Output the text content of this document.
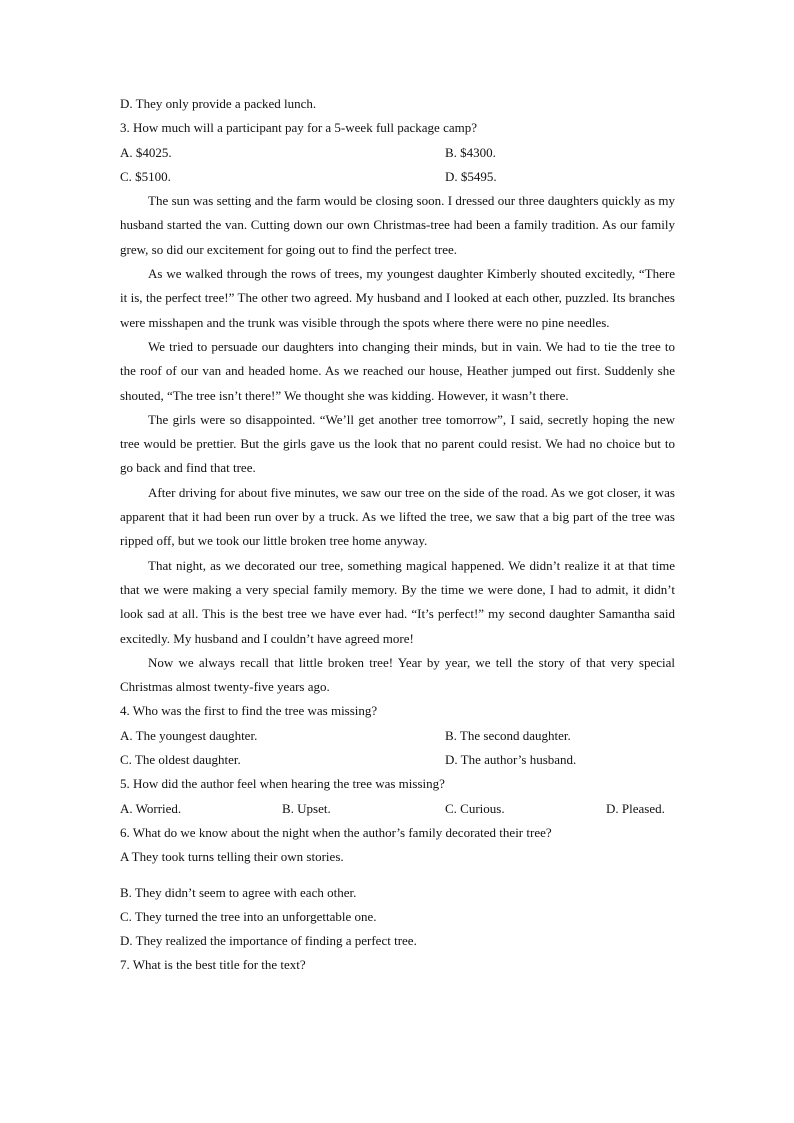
D. They only provide a packed lunch.
3. How much will a participant pay for a 5-week full package camp?
A. $4025.	B. $4300.
C. $5100.	D. $5495.

The sun was setting and the farm would be closing soon. I dressed our three daughters quickly as my husband started the van. Cutting down our own Christmas-tree had been a family tradition. As our family grew, so did our excitement for going out to find the perfect tree.

As we walked through the rows of trees, my youngest daughter Kimberly shouted excitedly, “There it is, the perfect tree!” The other two agreed. My husband and I looked at each other, puzzled. Its branches were misshapen and the trunk was visible through the spots where there were no pine needles.

We tried to persuade our daughters into changing their minds, but in vain. We had to tie the tree to the roof of our van and headed home. As we reached our house, Heather jumped out first. Suddenly she shouted, “The tree isn’t there!” We thought she was kidding. However, it wasn’t there.

The girls were so disappointed. “We’ll get another tree tomorrow”, I said, secretly hoping the new tree would be prettier. But the girls gave us the look that no parent could resist. We had no choice but to go back and find that tree.

After driving for about five minutes, we saw our tree on the side of the road. As we got closer, it was apparent that it had been run over by a truck. As we lifted the tree, we saw that a big part of the tree was ripped off, but we took our little broken tree home anyway.

That night, as we decorated our tree, something magical happened. We didn’t realize it at that time that we were making a very special family memory. By the time we were done, I had to admit, it didn’t look sad at all. This is the best tree we have ever had. “It’s perfect!” my second daughter Samantha said excitedly. My husband and I couldn’t have agreed more!

Now we always recall that little broken tree! Year by year, we tell the story of that very special Christmas almost twenty-five years ago.

4. Who was the first to find the tree was missing?
A. The youngest daughter.	B. The second daughter.
C. The oldest daughter.	D. The author’s husband.
5. How did the author feel when hearing the tree was missing?
A. Worried.	B. Upset.	C. Curious.	D. Pleased.
6. What do we know about the night when the author’s family decorated their tree?
A They took turns telling their own stories.
B. They didn’t seem to agree with each other.
C. They turned the tree into an unforgettable one.
D. They realized the importance of finding a perfect tree.
7. What is the best title for the text?
